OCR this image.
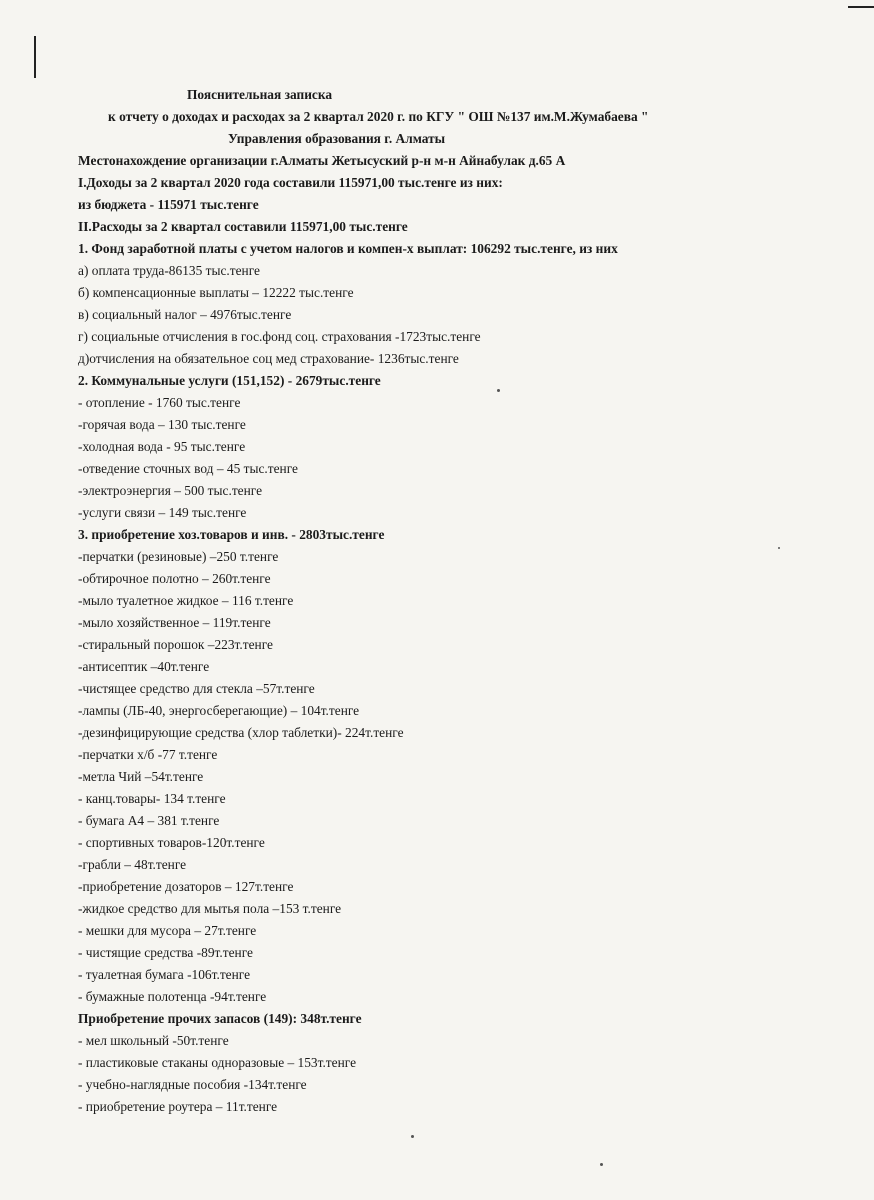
Пояснительная записка
к отчету о доходах и расходах за 2 квартал 2020 г. по КГУ " ОШ №137 им.М.Жумабаева "
Управления образования г. Алматы
Местонахождение организации г.Алматы Жетысуский р-н м-н Айнабулак д.65 А
I.Доходы за 2 квартал 2020 года составили 115971,00 тыс.тенге из них:
из бюджета - 115971 тыс.тенге
II.Расходы за 2 квартал составили 115971,00 тыс.тенге
1. Фонд заработной платы с учетом налогов и компен-х выплат: 106292 тыс.тенге, из них
а) оплата труда-86135 тыс.тенге
б) компенсационные выплаты – 12222 тыс.тенге
в) социальный налог – 4976тыс.тенге
г) социальные отчисления в гос.фонд соц. страхования -1723тыс.тенге
д)отчисления на обязательное соц мед страхование- 1236тыс.тенге
2. Коммунальные услуги (151,152) - 2679тыс.тенге
- отопление - 1760 тыс.тенге
-горячая вода – 130 тыс.тенге
-холодная вода - 95 тыс.тенге
-отведение сточных вод – 45 тыс.тенге
-электроэнергия – 500 тыс.тенге
-услуги связи – 149 тыс.тенге
3. приобретение хоз.товаров и инв. - 2803тыс.тенге
-перчатки (резиновые) –250 т.тенге
-обтирочное полотно – 260т.тенге
-мыло туалетное жидкое – 116 т.тенге
-мыло хозяйственное – 119т.тенге
-стиральный порошок –223т.тенге
-антисептик –40т.тенге
-чистящее средство для стекла –57т.тенге
-лампы (ЛБ-40, энергосберегающие) – 104т.тенге
-дезинфицирующие средства (хлор таблетки)- 224т.тенге
-перчатки х/б -77 т.тенге
-метла Чий –54т.тенге
- канц.товары- 134 т.тенге
- бумага А4 – 381 т.тенге
- спортивных товаров-120т.тенге
-грабли – 48т.тенге
-приобретение дозаторов – 127т.тенге
-жидкое средство для мытья пола –153 т.тенге
- мешки для мусора – 27т.тенге
- чистящие средства -89т.тенге
- туалетная бумага -106т.тенге
- бумажные полотенца -94т.тенге
Приобретение прочих запасов (149): 348т.тенге
- мел школьный -50т.тенге
- пластиковые стаканы одноразовые – 153т.тенге
- учебно-наглядные пособия -134т.тенге
- приобретение роутера – 11т.тенге
